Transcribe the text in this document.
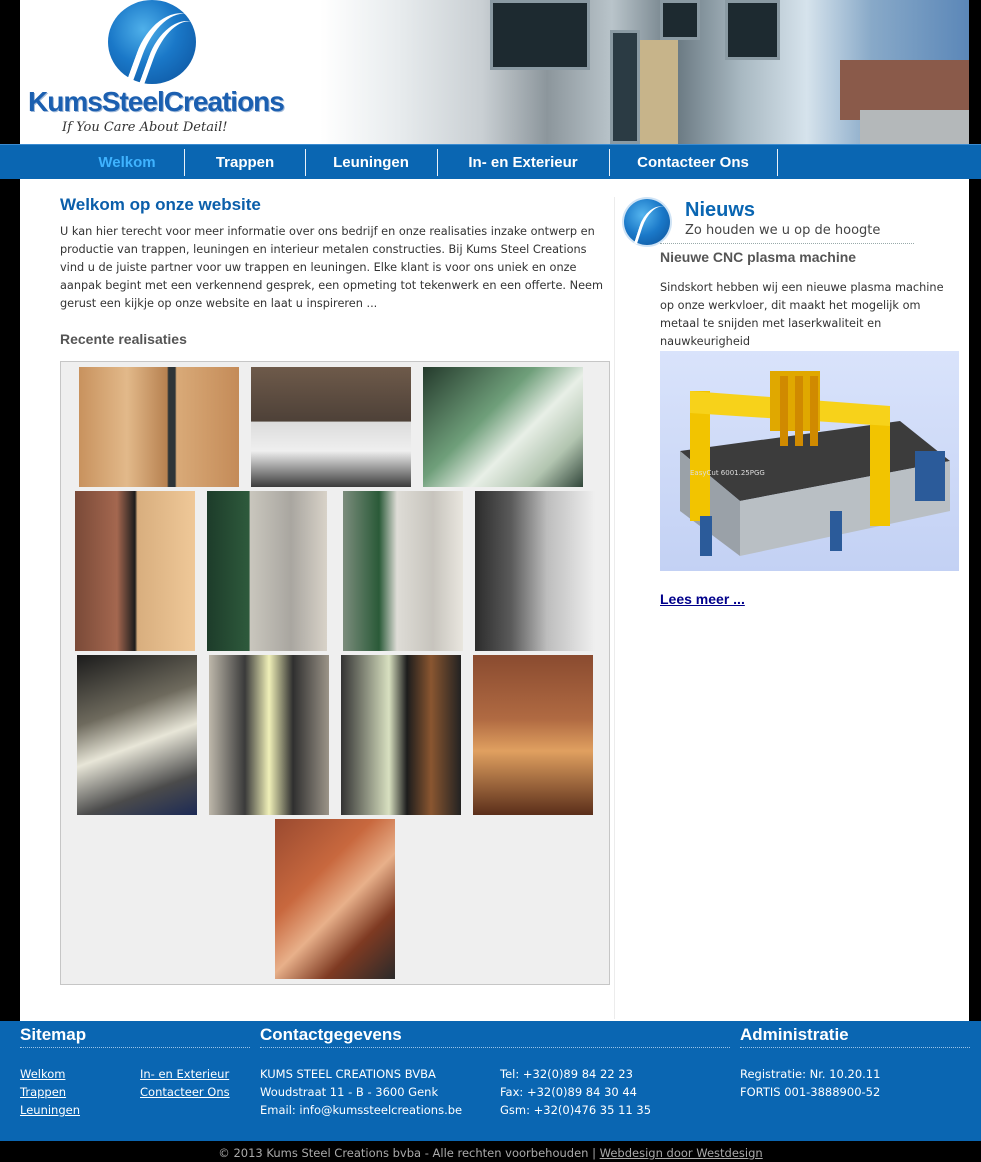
KumsSteelCreations
If You Care About Detail!
Welkom	Trappen	Leuningen	In- en Exterieur	Contacteer Ons
Welkom op onze website
U kan hier terecht voor meer informatie over ons bedrijf en onze realisaties inzake ontwerp en productie van trappen, leuningen en interieur metalen constructies. Bij Kums Steel Creations vind u de juiste partner voor uw trappen en leuningen. Elke klant is voor ons uniek en onze aanpak begint met een verkennend gesprek, een opmeting tot tekenwerk en een offerte. Neem gerust een kijkje op onze website en laat u inspireren ...
Recente realisaties
Nieuws
Zo houden we u op de hoogte
Nieuwe CNC plasma machine
Sindskort hebben wij een nieuwe plasma machine op onze werkvloer, dit maakt het mogelijk om metaal te snijden met laserkwaliteit en nauwkeurigheid
EasyCut 6001.25PGG
Lees meer ...
Sitemap
Welkom
Trappen
Leuningen
In- en Exterieur
Contacteer Ons
Contactgegevens
KUMS STEEL CREATIONS BVBA
Woudstraat 11 - B - 3600 Genk
Email: info@kumssteelcreations.be
Tel: +32(0)89 84 22 23
Fax: +32(0)89 84 30 44
Gsm: +32(0)476 35 11 35
Administratie
Registratie: Nr. 10.20.11
FORTIS 001-3888900-52
© 2013 Kums Steel Creations bvba - Alle rechten voorbehouden | Webdesign door Westdesign
